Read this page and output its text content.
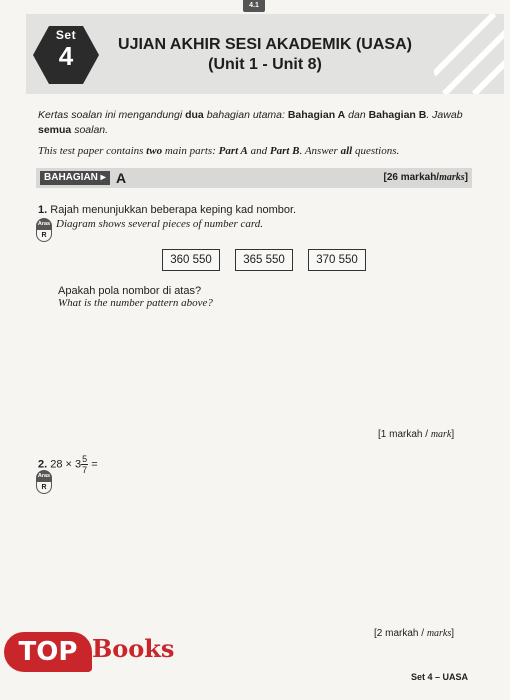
4.1
Set
4	UJIAN AKHIR SESI AKADEMIK (UASA)
(Unit 1 - Unit 8)
Kertas soalan ini mengandungi dua bahagian utama: Bahagian A dan Bahagian B. Jawab semua soalan.
This test paper contains two main parts: Part A and Part B. Answer all questions.
BAHAGIAN ▸ A	[26 markah/marks]
1. Rajah menunjukkan beberapa keping kad nombor.
Diagram shows several pieces of number card.
Aras
R
360 550	365 550	370 550
Apakah pola nombor di atas?
What is the number pattern above?
[1 markah / mark]
2. $28 \times 3 \frac{5}{7}$ =
Aras
R
[2 markah / marks]
Set 4 – UASA
TOP Books
